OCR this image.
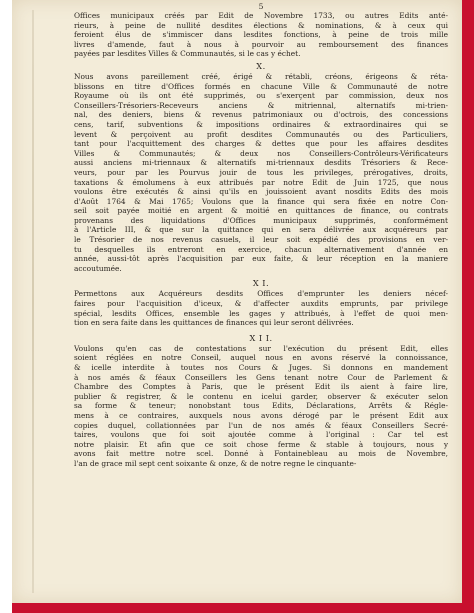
5
Offices municipaux créés par Edit de Novembre 1733, ou autres Edits anté-
rieurs, à peine de nullité desdites élections & nominations, & à ceux qui
feroient élus de s'immiscer dans lesdites fonctions, à peine de trois mille
livres d'amende, faut à nous à pourvoir au remboursement des finances
payées par lesdites Villes & Communautés, si le cas y échet.
X.
Nous avons pareillement créé, érigé & rétabli, créons, érigeons & réta-
blissons en titre d'Offices formés en chacune Ville & Communauté de notre
Royaume où ils ont été supprimés, ou s'exerçent par commission, deux nos
Conseillers-Trésoriers-Receveurs anciens & mitriennal, alternatifs mi-trien-
nal, des deniers, biens & revenus patrimoniaux ou d'octrois, des concessions
cens, tarif, subventions & impositions ordinaires & extraordinaires qui se
levent & perçoivent au profit desdites Communautés ou des Particuliers,
tant pour l'acquittement des charges & dettes que pour les affaires desdites
Villes & Communautés; & deux nos Conseillers-Contrôleurs-Vérificateurs
aussi anciens mi-triennaux & alternatifs mi-triennaux desdits Trésoriers & Rece-
veurs, pour par les Pourvus jouir de tous les privileges, prérogatives, droits,
taxations & émolumens à eux attribués par notre Edit de Juin 1725, que nous
voulons être exécutés & ainsi qu'ils en jouissoient avant nosdits Edits des mois
d'Août 1764 & Mai 1765; Voulons que la finance qui sera fixée en notre Con-
seil soit payée moitié en argent & moitié en quittances de finance, ou contrats
provenans des liquidations d'Offices municipaux supprimés, conformément
à l'Article III, & que sur la quittance qui en sera délivrée aux acquéreurs par
le Trésorier de nos revenus casuels, il leur soit expédié des provisions en ver-
tu desquelles ils entreront en exercice, chacun alternativement d'année en
année, aussi-tôt après l'acquisition par eux faite, & leur réception en la maniere
accoutumée.
X I.
Permettons aux Acquéreurs desdits Offices d'emprunter les deniers nécef-
faires pour l'acquisition d'iceux, & d'affecter auxdits emprunts, par privilege
spécial, lesdits Offices, ensemble les gages y attribués, à l'effet de quoi men-
tion en sera faite dans les quittances de finances qui leur seront délivrées.
X I I.
Voulons qu'en cas de contestations sur l'exécution du présent Edit, elles
soient réglées en notre Conseil, auquel nous en avons réservé la connoissance,
& icelle interdite à toutes nos Cours & Juges. Si donnons en mandement
à nos amés & féaux Conseillers les Gens tenant notre Cour de Parlement &
Chambre des Comptes à Paris, que le présent Edit ils aient à faire lire,
publier & registrer, & le contenu en icelui garder, observer & exécuter selon
sa forme & teneur; nonobstant tous Edits, Déclarations, Arrêts & Régle-
mens à ce contraires, auxquels nous avons dérogé par le présent Edit aux
copies duquel, collationnées par l'un de nos amés & féaux Conseillers Secré-
taires, voulons que foi soit ajoutée comme à l'original : Car tel est
notre plaisir. Et afin que ce soit chose ferme & stable à toujours, nous y
avons fait mettre notre scel. Donné à Fontainebleau au mois de Novembre,
l'an de grace mil sept cent soixante & onze, & de notre regne le cinquante-
